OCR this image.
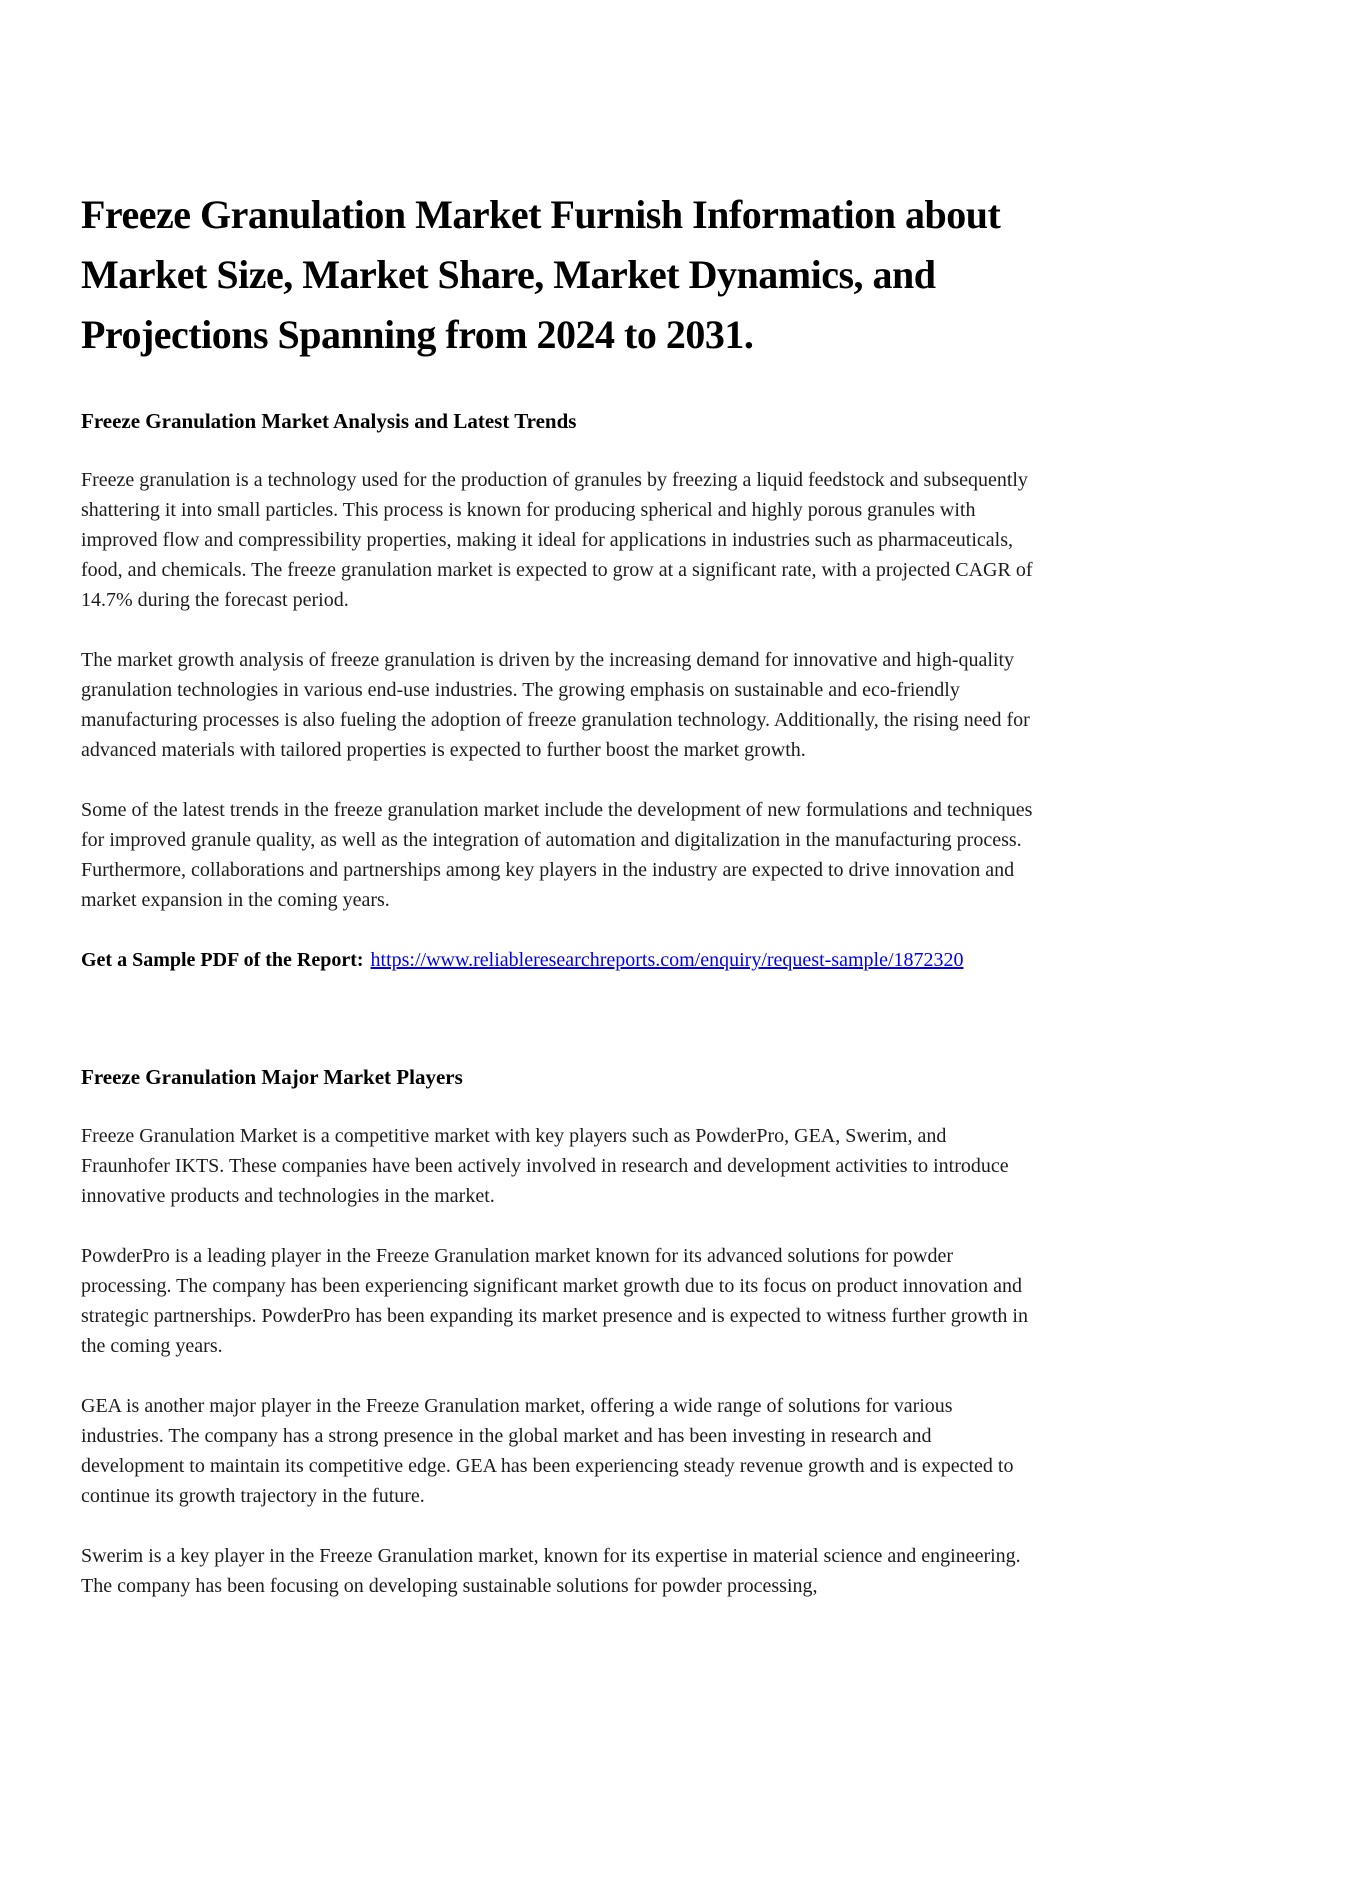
Freeze Granulation Market Furnish Information about Market Size, Market Share, Market Dynamics, and Projections Spanning from 2024 to 2031.
Freeze Granulation Market Analysis and Latest Trends

Freeze granulation is a technology used for the production of granules by freezing a liquid feedstock and subsequently shattering it into small particles. This process is known for producing spherical and highly porous granules with improved flow and compressibility properties, making it ideal for applications in industries such as pharmaceuticals, food, and chemicals. The freeze granulation market is expected to grow at a significant rate, with a projected CAGR of 14.7% during the forecast period.

The market growth analysis of freeze granulation is driven by the increasing demand for innovative and high-quality granulation technologies in various end-use industries. The growing emphasis on sustainable and eco-friendly manufacturing processes is also fueling the adoption of freeze granulation technology. Additionally, the rising need for advanced materials with tailored properties is expected to further boost the market growth.

Some of the latest trends in the freeze granulation market include the development of new formulations and techniques for improved granule quality, as well as the integration of automation and digitalization in the manufacturing process. Furthermore, collaborations and partnerships among key players in the industry are expected to drive innovation and market expansion in the coming years.

Get a Sample PDF of the Report: https://www.reliableresearchreports.com/enquiry/request-sample/1872320

Freeze Granulation Major Market Players

Freeze Granulation Market is a competitive market with key players such as PowderPro, GEA, Swerim, and Fraunhofer IKTS. These companies have been actively involved in research and development activities to introduce innovative products and technologies in the market.

PowderPro is a leading player in the Freeze Granulation market known for its advanced solutions for powder processing. The company has been experiencing significant market growth due to its focus on product innovation and strategic partnerships. PowderPro has been expanding its market presence and is expected to witness further growth in the coming years.

GEA is another major player in the Freeze Granulation market, offering a wide range of solutions for various industries. The company has a strong presence in the global market and has been investing in research and development to maintain its competitive edge. GEA has been experiencing steady revenue growth and is expected to continue its growth trajectory in the future.

Swerim is a key player in the Freeze Granulation market, known for its expertise in material science and engineering. The company has been focusing on developing sustainable solutions for powder processing,
